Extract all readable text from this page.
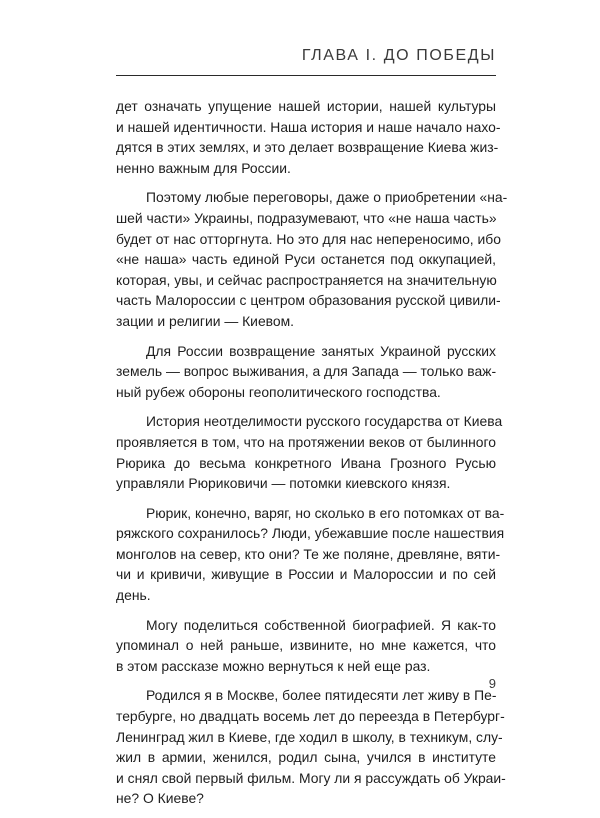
ГЛАВА I. ДО ПОБЕДЫ

дет означать упущение нашей истории, нашей культуры
и нашей идентичности. Наша история и наше начало нахо-
дятся в этих землях, и это делает возвращение Киева жиз-
ненно важным для России.

Поэтому любые переговоры, даже о приобретении «на-
шей части» Украины, подразумевают, что «не наша часть»
будет от нас отторгнута. Но это для нас непереносимо, ибо
«не наша» часть единой Руси останется под оккупацией,
которая, увы, и сейчас распространяется на значительную
часть Малороссии с центром образования русской цивили-
зации и религии — Киевом.

Для России возвращение занятых Украиной русских
земель — вопрос выживания, а для Запада — только важ-
ный рубеж обороны геополитического господства.

История неотделимости русского государства от Киева
проявляется в том, что на протяжении веков от былинного
Рюрика до весьма конкретного Ивана Грозного Русью
управляли Рюриковичи — потомки киевского князя.

Рюрик, конечно, варяг, но сколько в его потомках от ва-
ряжского сохранилось? Люди, убежавшие после нашествия
монголов на север, кто они? Те же поляне, древляне, вяти-
чи и кривичи, живущие в России и Малороссии и по сей
день.

Могу поделиться собственной биографией. Я как-то
упоминал о ней раньше, извините, но мне кажется, что
в этом рассказе можно вернуться к ней еще раз.

Родился я в Москве, более пятидесяти лет живу в Пе-
тербурге, но двадцать восемь лет до переезда в Петербург-
Ленинград жил в Киеве, где ходил в школу, в техникум, слу-
жил в армии, женился, родил сына, учился в институте
и снял свой первый фильм. Могу ли я рассуждать об Украи-
не? О Киеве?

9
